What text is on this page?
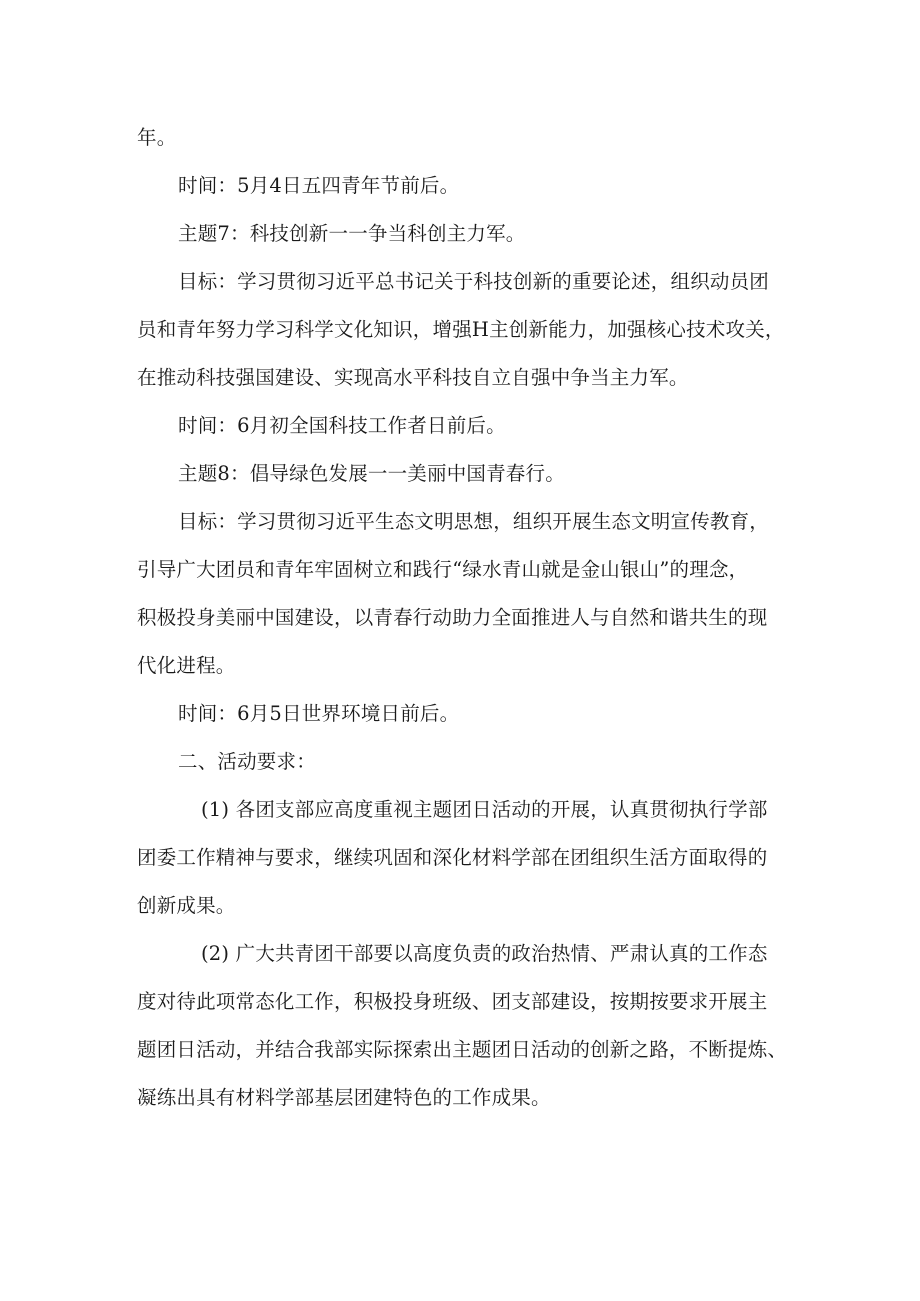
年。

时间：5月4日五四青年节前后。

主题7：科技创新一一争当科创主力军。

目标：学习贯彻习近平总书记关于科技创新的重要论述，组织动员团

员和青年努力学习科学文化知识，增强H主创新能力，加强核心技术攻关，

在推动科技强国建设、实现高水平科技自立自强中争当主力军。

时间：6月初全国科技工作者日前后。

主题8：倡导绿色发展一一美丽中国青春行。

目标：学习贯彻习近平生态文明思想，组织开展生态文明宣传教育，

引导广大团员和青年牢固树立和践行“绿水青山就是金山银山”的理念，

积极投身美丽中国建设，以青春行动助力全面推进人与自然和谐共生的现

代化进程。

时间：6月5日世界环境日前后。

二、活动要求：

(1) 各团支部应高度重视主题团日活动的开展，认真贯彻执行学部

团委工作精神与要求，继续巩固和深化材料学部在团组织生活方面取得的

创新成果。

(2) 广大共青团干部要以高度负责的政治热情、严肃认真的工作态

度对待此项常态化工作，积极投身班级、团支部建设，按期按要求开展主

题团日活动，并结合我部实际探索出主题团日活动的创新之路，不断提炼、

凝练出具有材料学部基层团建特色的工作成果。
